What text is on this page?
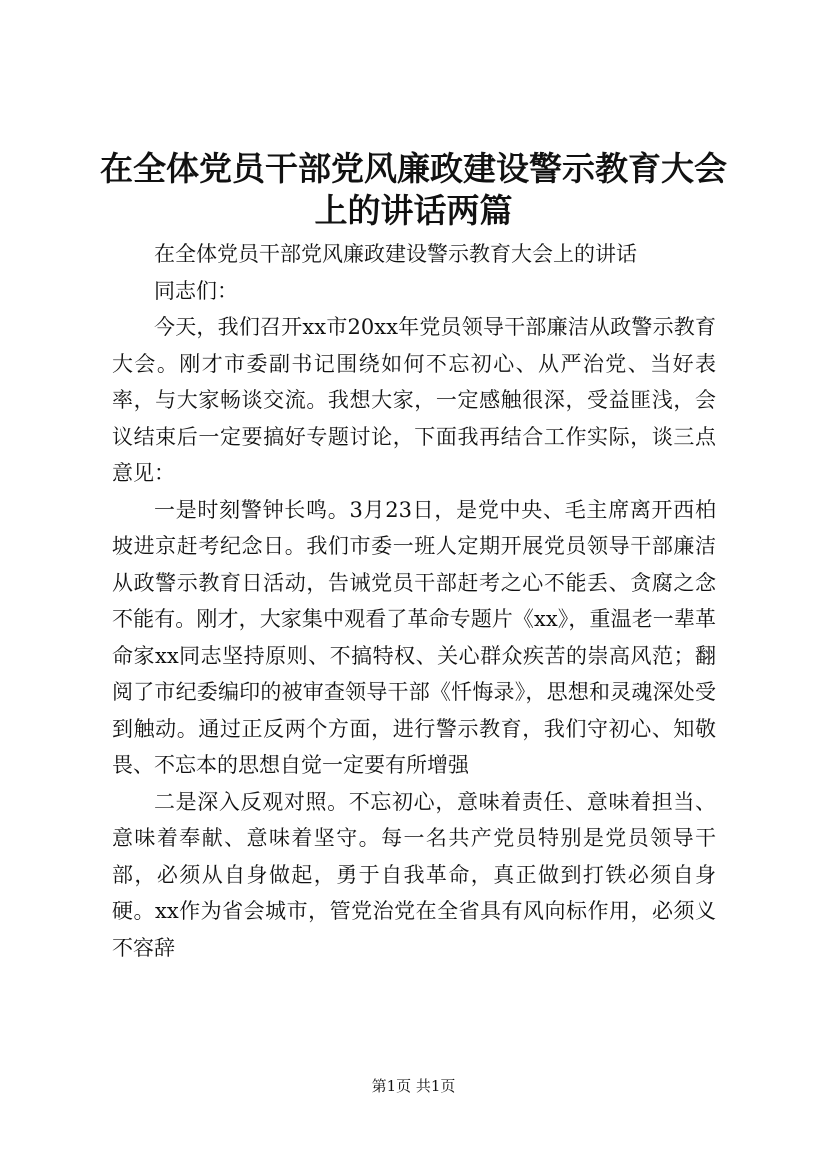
在全体党员干部党风廉政建设警示教育大会上的讲话两篇

在全体党员干部党风廉政建设警示教育大会上的讲话

同志们：

今天，我们召开xx市20xx年党员领导干部廉洁从政警示教育大会。刚才市委副书记围绕如何不忘初心、从严治党、当好表率，与大家畅谈交流。我想大家，一定感触很深，受益匪浅，会议结束后一定要搞好专题讨论，下面我再结合工作实际，谈三点意见：

一是时刻警钟长鸣。3月23日，是党中央、毛主席离开西柏坡进京赶考纪念日。我们市委一班人定期开展党员领导干部廉洁从政警示教育日活动，告诫党员干部赶考之心不能丢、贪腐之念不能有。刚才，大家集中观看了革命专题片《xx》，重温老一辈革命家xx同志坚持原则、不搞特权、关心群众疾苦的崇高风范；翻阅了市纪委编印的被审查领导干部《忏悔录》，思想和灵魂深处受到触动。通过正反两个方面，进行警示教育，我们守初心、知敬畏、不忘本的思想自觉一定要有所增强

二是深入反观对照。不忘初心，意味着责任、意味着担当、意味着奉献、意味着坚守。每一名共产党员特别是党员领导干部，必须从自身做起，勇于自我革命，真正做到打铁必须自身硬。xx作为省会城市，管党治党在全省具有风向标作用，必须义不容辞

第1页 共1页
